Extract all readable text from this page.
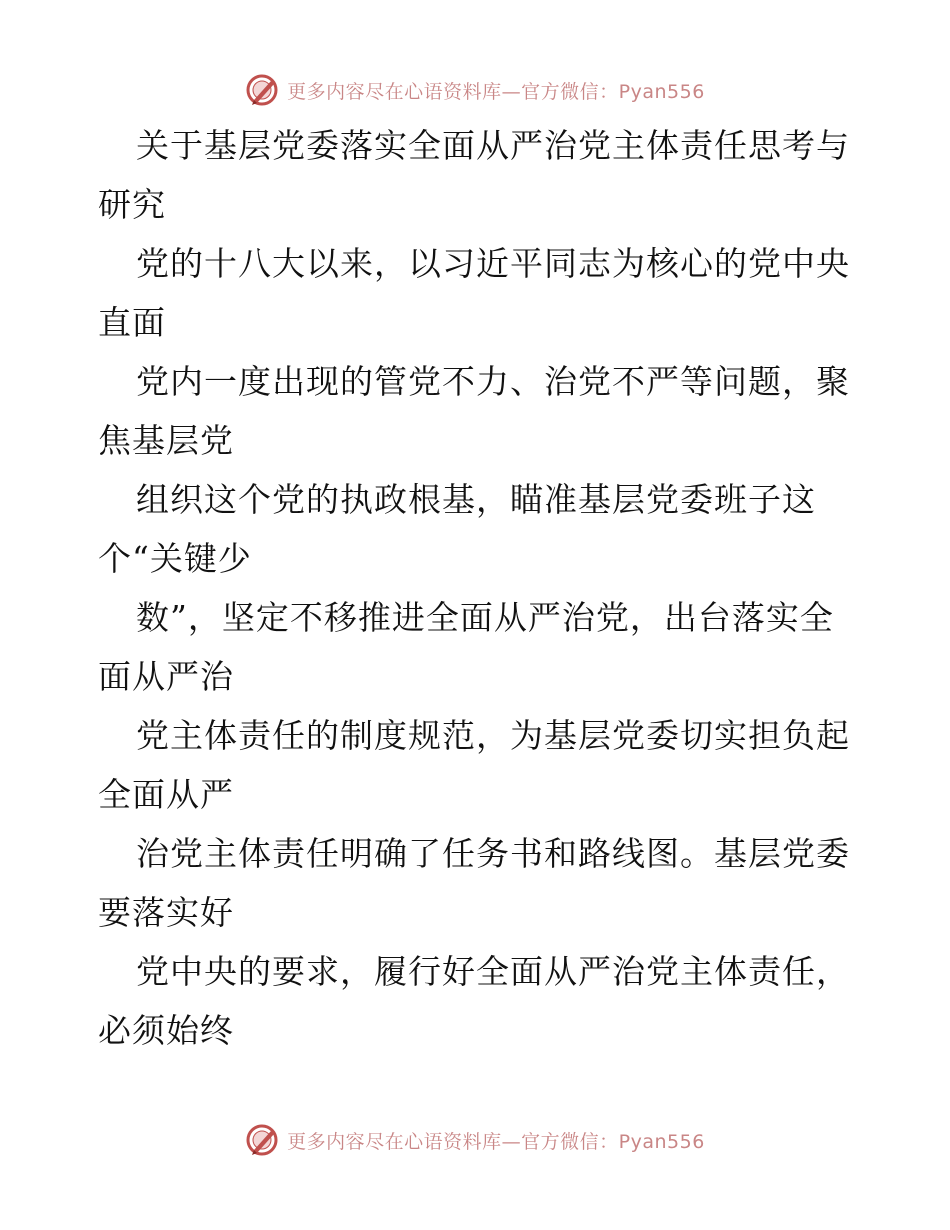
更多内容尽在心语资料库—官方微信：Pyan556

关于基层党委落实全面从严治党主体责任思考与
研究

党的十八大以来，以习近平同志为核心的党中央
直面

党内一度出现的管党不力、治党不严等问题，聚
焦基层党

组织这个党的执政根基，瞄准基层党委班子这
个“关键少

数”，坚定不移推进全面从严治党，出台落实全
面从严治

党主体责任的制度规范，为基层党委切实担负起
全面从严

治党主体责任明确了任务书和路线图。基层党委
要落实好

党中央的要求，履行好全面从严治党主体责任，
必须始终

更多内容尽在心语资料库—官方微信：Pyan556
